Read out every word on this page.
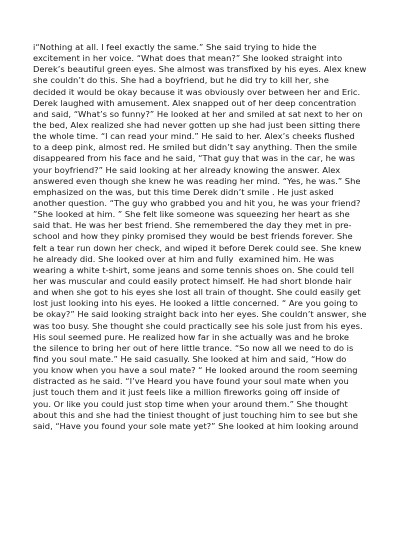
i“Nothing at all. I feel exactly the same.” She said trying to hide the
excitement in her voice. “What does that mean?” She looked straight into
Derek’s beautiful green eyes. She almost was transfixed by his eyes. Alex knew
she couldn’t do this. She had a boyfriend, but he did try to kill her, she
decided it would be okay because it was obviously over between her and Eric.
Derek laughed with amusement. Alex snapped out of her deep concentration
and said, “What’s so funny?” He looked at her and smiled at sat next to her on
the bed, Alex realized she had never gotten up she had just been sitting there
the whole time. “I can read your mind.” He said to her. Alex’s cheeks flushed
to a deep pink, almost red. He smiled but didn’t say anything. Then the smile
disappeared from his face and he said, “That guy that was in the car, he was
your boyfriend?” He said looking at her already knowing the answer. Alex
answered even though she knew he was reading her mind. “Yes, he was.” She
emphasized on the was, but this time Derek didn’t smile . He just asked
another question. “The guy who grabbed you and hit you, he was your friend?
”She looked at him. ” She felt like someone was squeezing her heart as she
said that. He was her best friend. She remembered the day they met in pre-
school and how they pinky promised they would be best friends forever. She
felt a tear run down her check, and wiped it before Derek could see. She knew
he already did. She looked over at him and fully  examined him. He was
wearing a white t-shirt, some jeans and some tennis shoes on. She could tell
her was muscular and could easily protect himself. He had short blonde hair
and when she got to his eyes she lost all train of thought. She could easily get
lost just looking into his eyes. He looked a little concerned. “ Are you going to
be okay?” He said looking straight back into her eyes. She couldn’t answer, she
was too busy. She thought she could practically see his sole just from his eyes.
His soul seemed pure. He realized how far in she actually was and he broke
the silence to bring her out of here little trance. “So now all we need to do is
find you soul mate.” He said casually. She looked at him and said, “How do
you know when you have a soul mate? “ He looked around the room seeming
distracted as he said. “I’ve Heard you have found your soul mate when you
just touch them and it just feels like a million fireworks going off inside of
you. Or like you could just stop time when your around them.” She thought
about this and she had the tiniest thought of just touching him to see but she
said, “Have you found your sole mate yet?” She looked at him looking around
